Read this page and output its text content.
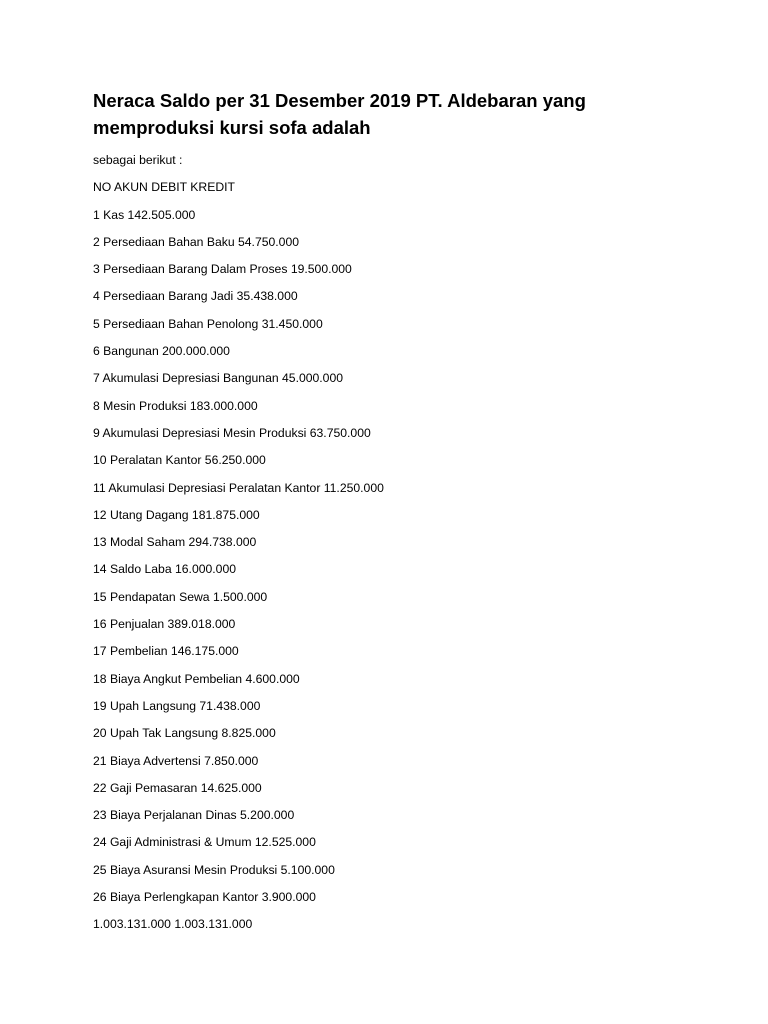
Neraca Saldo per 31 Desember 2019 PT. Aldebaran yang memproduksi kursi sofa adalah
sebagai berikut :
NO AKUN DEBIT KREDIT
1 Kas 142.505.000
2 Persediaan Bahan Baku 54.750.000
3 Persediaan Barang Dalam Proses 19.500.000
4 Persediaan Barang Jadi 35.438.000
5 Persediaan Bahan Penolong 31.450.000
6 Bangunan 200.000.000
7 Akumulasi Depresiasi Bangunan 45.000.000
8 Mesin Produksi 183.000.000
9 Akumulasi Depresiasi Mesin Produksi 63.750.000
10 Peralatan Kantor 56.250.000
11 Akumulasi Depresiasi Peralatan Kantor 11.250.000
12 Utang Dagang 181.875.000
13 Modal Saham 294.738.000
14 Saldo Laba 16.000.000
15 Pendapatan Sewa 1.500.000
16 Penjualan 389.018.000
17 Pembelian 146.175.000
18 Biaya Angkut Pembelian 4.600.000
19 Upah Langsung 71.438.000
20 Upah Tak Langsung 8.825.000
21 Biaya Advertensi 7.850.000
22 Gaji Pemasaran 14.625.000
23 Biaya Perjalanan Dinas 5.200.000
24 Gaji Administrasi & Umum 12.525.000
25 Biaya Asuransi Mesin Produksi 5.100.000
26 Biaya Perlengkapan Kantor 3.900.000
1.003.131.000 1.003.131.000
